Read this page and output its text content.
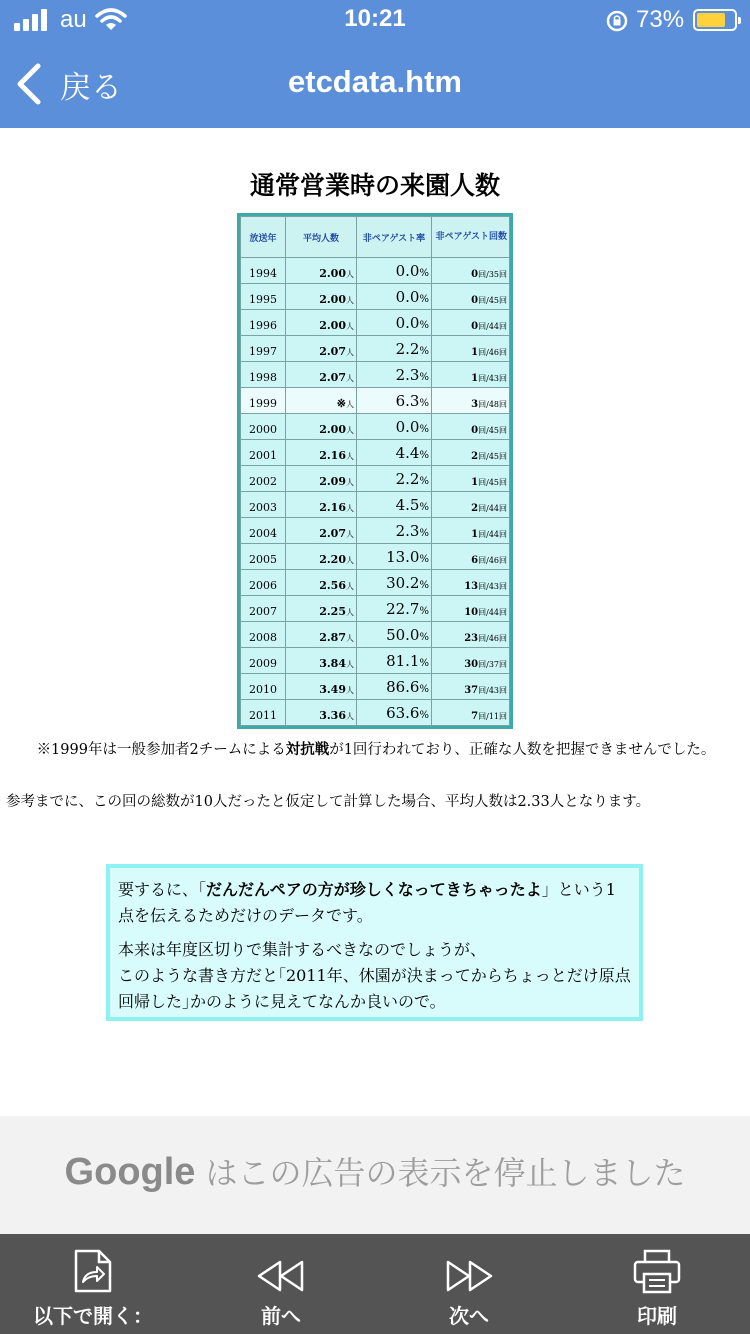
au	10:21	73%
戻る	etcdata.htm
通常営業時の来園人数
放送年	平均人数	非ペアゲスト率	非ペアゲスト回数
1994	2.00人	0.0%	0回/35回
1995	2.00人	0.0%	0回/45回
1996	2.00人	0.0%	0回/44回
1997	2.07人	2.2%	1回/46回
1998	2.07人	2.3%	1回/43回
1999	※人	6.3%	3回/48回
2000	2.00人	0.0%	0回/45回
2001	2.16人	4.4%	2回/45回
2002	2.09人	2.2%	1回/45回
2003	2.16人	4.5%	2回/44回
2004	2.07人	2.3%	1回/44回
2005	2.20人	13.0%	6回/46回
2006	2.56人	30.2%	13回/43回
2007	2.25人	22.7%	10回/44回
2008	2.87人	50.0%	23回/46回
2009	3.84人	81.1%	30回/37回
2010	3.49人	86.6%	37回/43回
2011	3.36人	63.6%	7回/11回
※1999年は一般参加者2チームによる対抗戦が1回行われており、正確な人数を把握できませんでした。
参考までに、この回の総数が10人だったと仮定して計算した場合、平均人数は2.33人となります。

要するに、「だんだんペアの方が珍しくなってきちゃったよ」という1点を伝えるためだけのデータです。

本来は年度区切りで集計するべきなのでしょうが、
このような書き方だと｢2011年、休園が決まってからちょっとだけ原点回帰した｣かのように見えてなんか良いので。

Google はこの広告の表示を停止しました
以下で開く：	前へ	次へ	印刷
